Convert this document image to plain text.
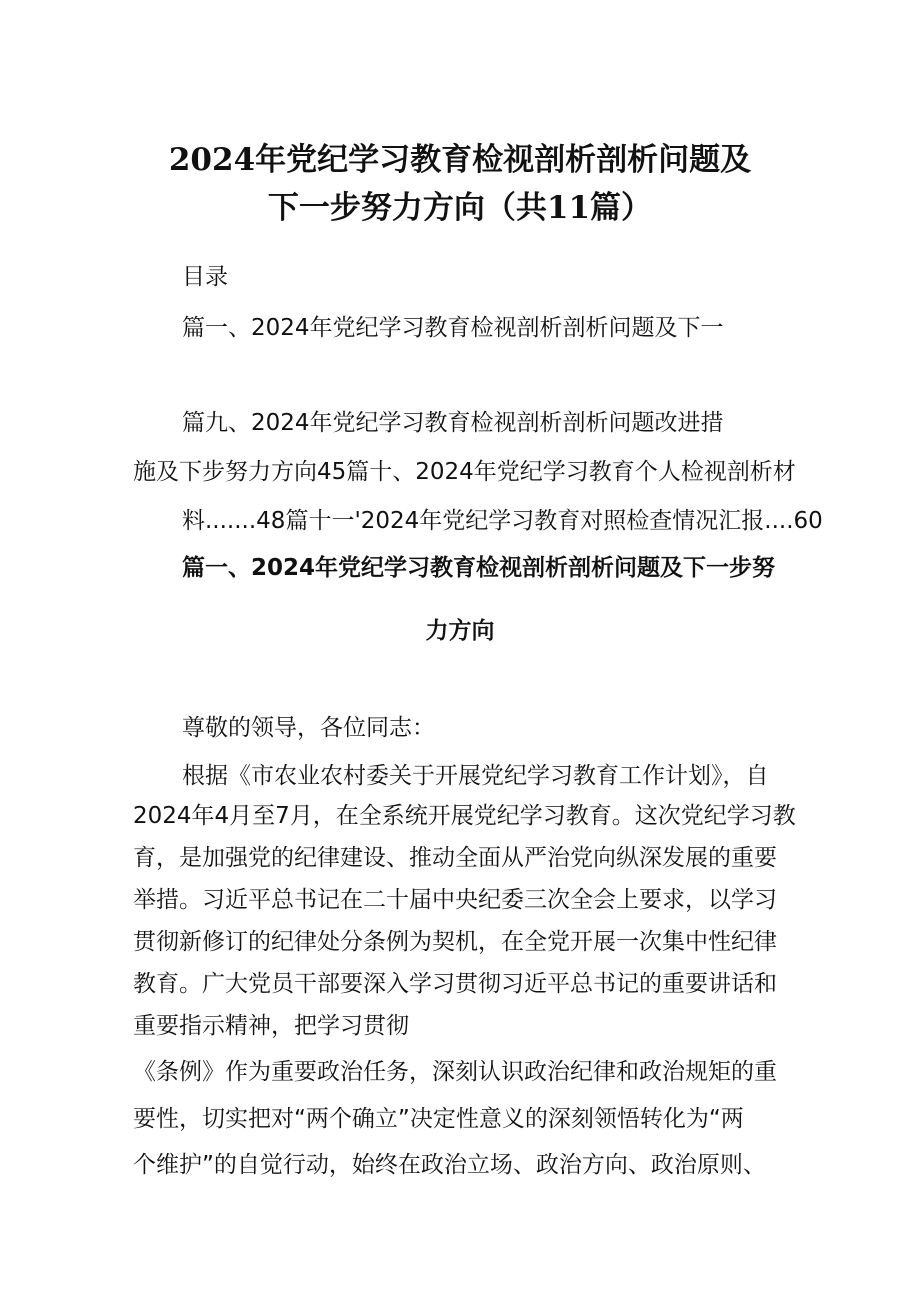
2024年党纪学习教育检视剖析剖析问题及
下一步努力方向（共11篇）
目录
篇一、2024年党纪学习教育检视剖析剖析问题及下一
篇九、2024年党纪学习教育检视剖析剖析问题改进措
施及下步努力方向45篇十、2024年党纪学习教育个人检视剖析材
料.......48篇十一'2024年党纪学习教育对照检查情况汇报....60
篇一、2024年党纪学习教育检视剖析剖析问题及下一步努
力方向
尊敬的领导，各位同志：
根据《市农业农村委关于开展党纪学习教育工作计划》，自
2024年4月至7月，在全系统开展党纪学习教育。这次党纪学习教
育，是加强党的纪律建设、推动全面从严治党向纵深发展的重要
举措。习近平总书记在二十届中央纪委三次全会上要求，以学习
贯彻新修订的纪律处分条例为契机，在全党开展一次集中性纪律
教育。广大党员干部要深入学习贯彻习近平总书记的重要讲话和
重要指示精神，把学习贯彻
《条例》作为重要政治任务，深刻认识政治纪律和政治规矩的重
要性，切实把对“两个确立”决定性意义的深刻领悟转化为“两
个维护”的自觉行动，始终在政治立场、政治方向、政治原则、
